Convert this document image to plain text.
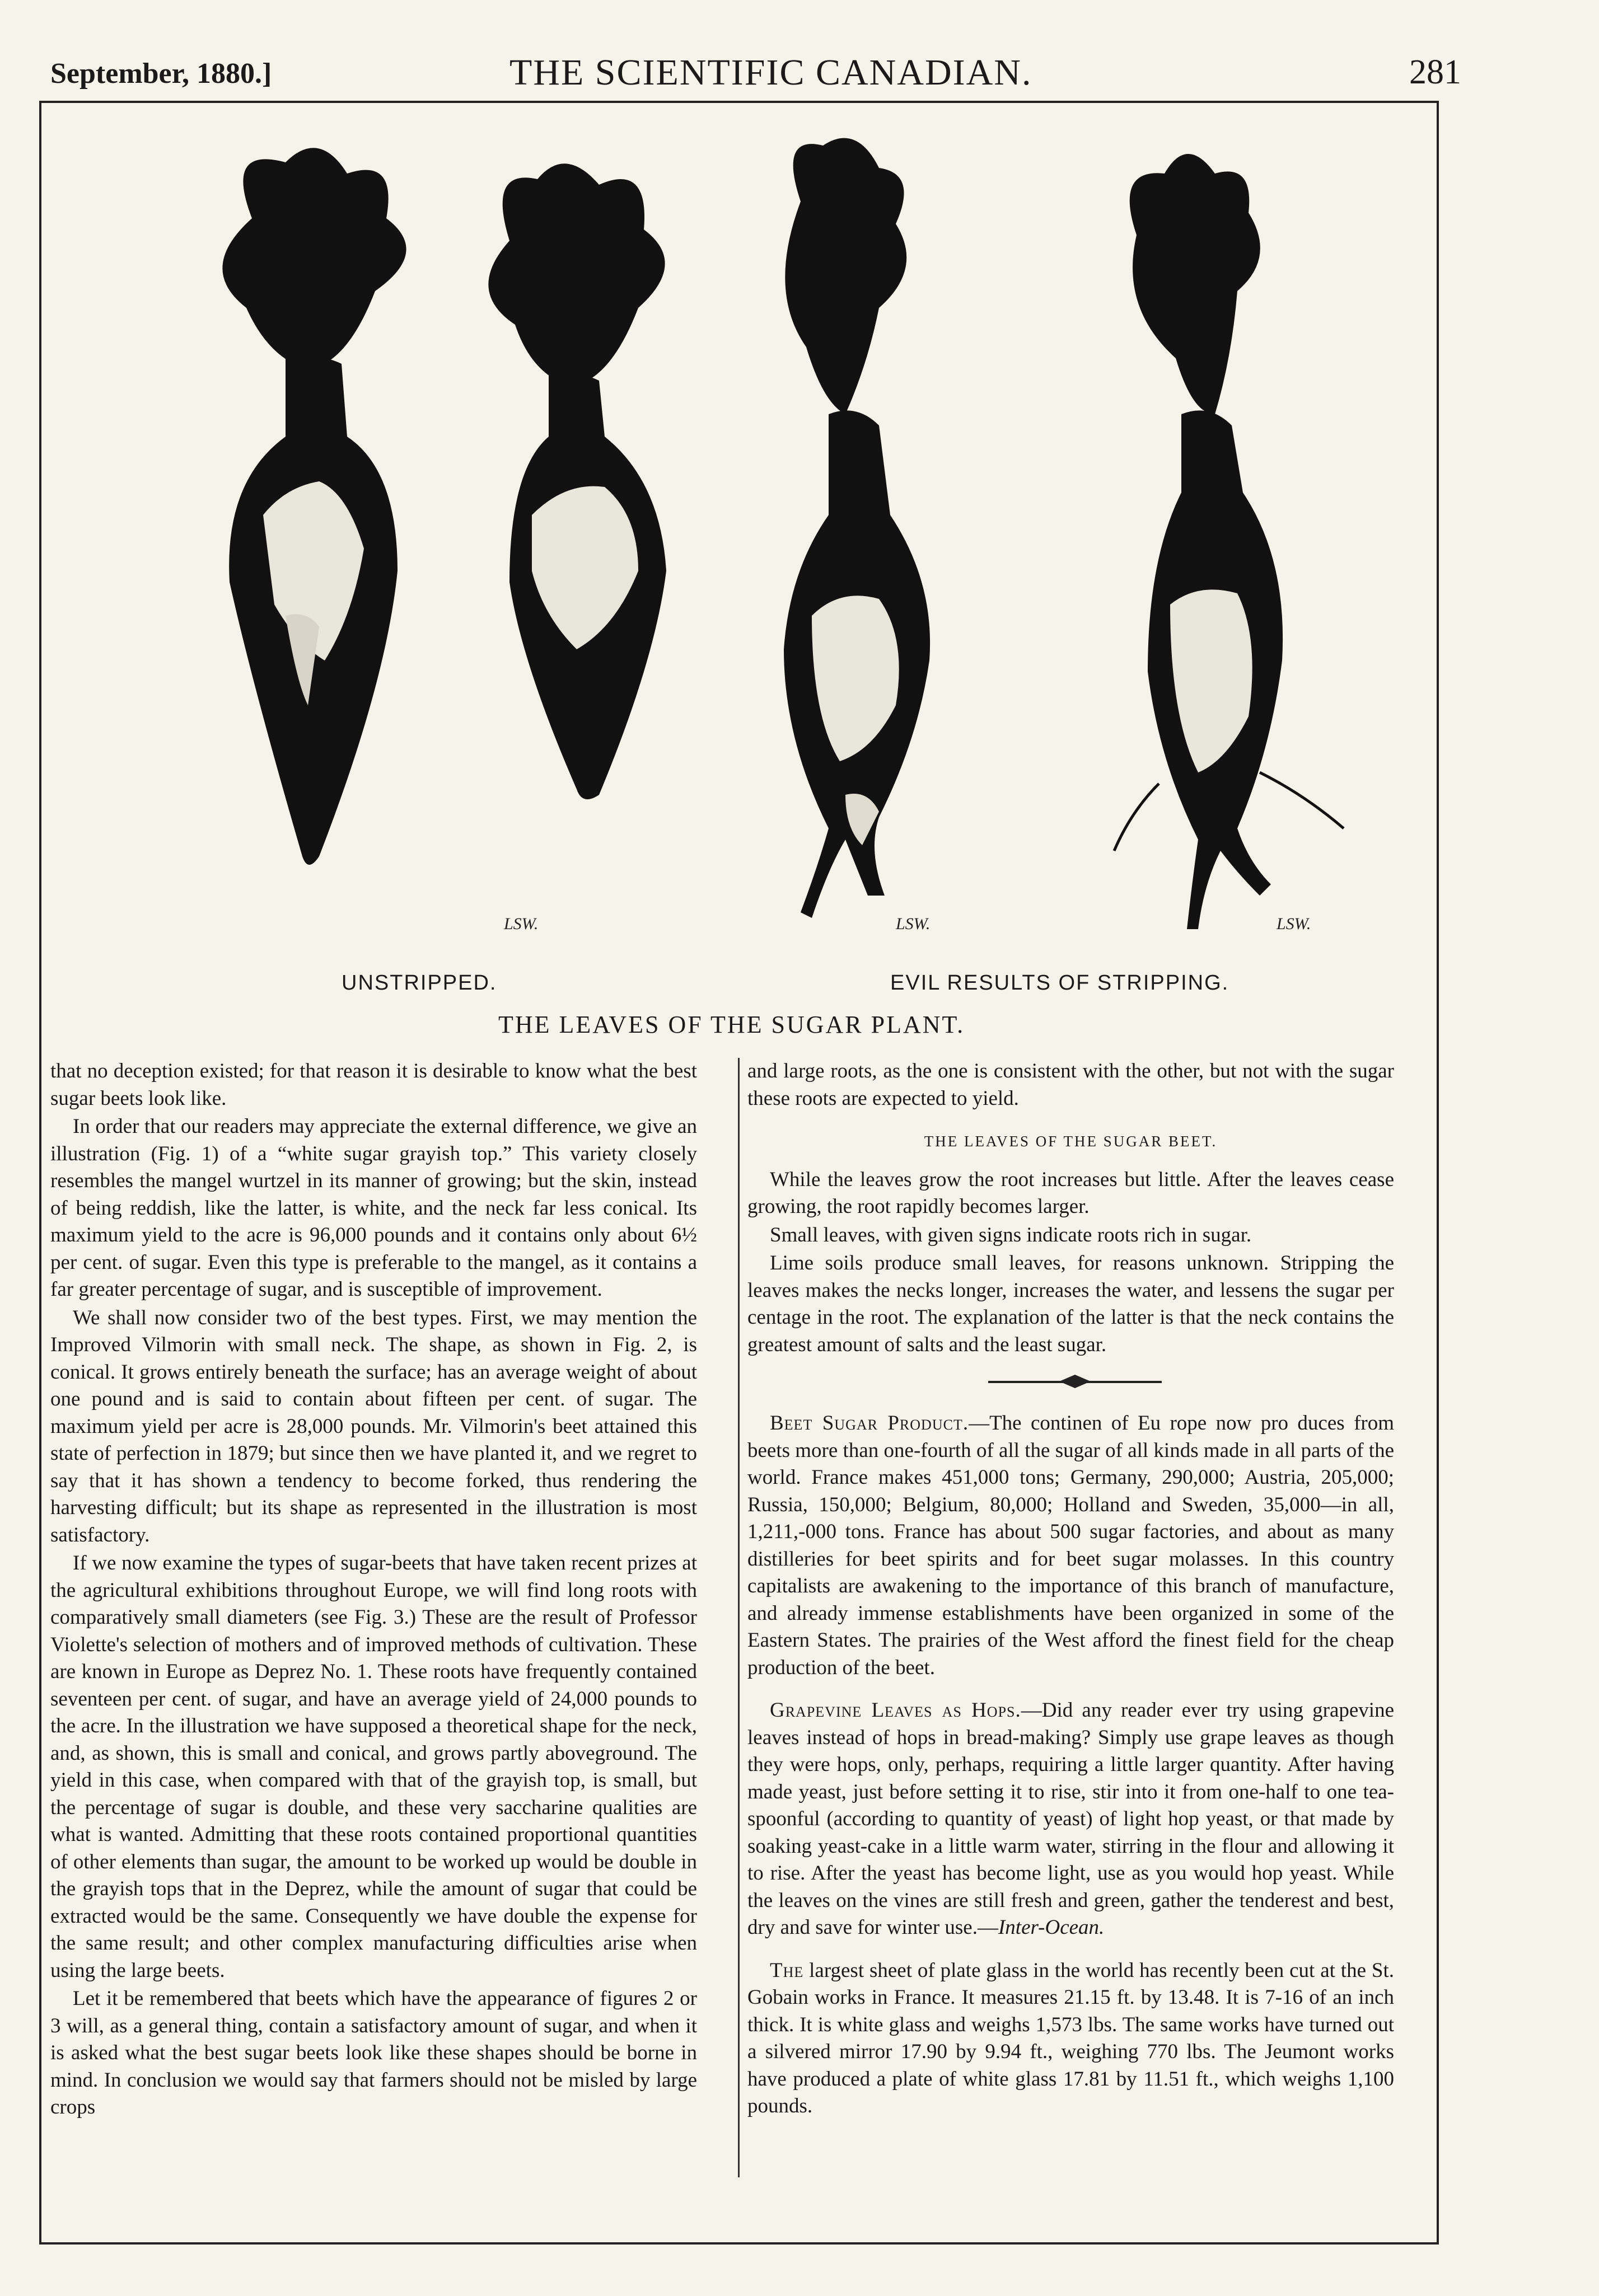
September, 1880.]	THE SCIENTIFIC CANADIAN.	281
LSW.	LSW.	LSW.
UNSTRIPPED.	EVIL RESULTS OF STRIPPING.
THE LEAVES OF THE SUGAR PLANT.

that no deception existed; for that reason it is desirable to know what the best sugar beets look like.

In order that our readers may appreciate the external difference, we give an illustration (Fig. 1) of a “white sugar grayish top.” This variety closely resembles the mangel wurtzel in its manner of growing; but the skin, instead of being reddish, like the latter, is white, and the neck far less conical. Its maximum yield to the acre is 96,000 pounds and it contains only about 6½ per cent. of sugar. Even this type is preferable to the mangel, as it contains a far greater percentage of sugar, and is susceptible of improvement.

We shall now consider two of the best types. First, we may mention the Improved Vilmorin with small neck. The shape, as shown in Fig. 2, is conical. It grows entirely beneath the surface; has an average weight of about one pound and is said to contain about fifteen per cent. of sugar. The maximum yield per acre is 28,000 pounds. Mr. Vilmorin's beet attained this state of perfection in 1879; but since then we have planted it, and we regret to say that it has shown a tendency to become forked, thus rendering the harvesting difficult; but its shape as represented in the illustration is most satisfactory.

If we now examine the types of sugar-beets that have taken recent prizes at the agricultural exhibitions throughout Europe, we will find long roots with comparatively small diameters (see Fig. 3.) These are the result of Professor Violette's selection of mothers and of improved methods of cultivation. These are known in Europe as Deprez No. 1. These roots have frequently contained seventeen per cent. of sugar, and have an average yield of 24,000 pounds to the acre. In the illustration we have supposed a theoretical shape for the neck, and, as shown, this is small and conical, and grows partly aboveground. The yield in this case, when compared with that of the grayish top, is small, but the percentage of sugar is double, and these very saccharine qualities are what is wanted. Admitting that these roots contained proportional quantities of other elements than sugar, the amount to be worked up would be double in the grayish tops that in the Deprez, while the amount of sugar that could be extracted would be the same. Consequently we have double the expense for the same result; and other complex manufacturing difficulties arise when using the large beets.

Let it be remembered that beets which have the appearance of figures 2 or 3 will, as a general thing, contain a satisfactory amount of sugar, and when it is asked what the best sugar beets look like these shapes should be borne in mind. In conclusion we would say that farmers should not be misled by large crops

and large roots, as the one is consistent with the other, but not with the sugar these roots are expected to yield.

THE LEAVES OF THE SUGAR BEET.

While the leaves grow the root increases but little. After the leaves cease growing, the root rapidly becomes larger.

Small leaves, with given signs indicate roots rich in sugar.

Lime soils produce small leaves, for reasons unknown. Stripping the leaves makes the necks longer, increases the water, and lessens the sugar per centage in the root. The explanation of the latter is that the neck contains the greatest amount of salts and the least sugar.

Beet Sugar Product.—The continen of Eu rope now pro duces from beets more than one-fourth of all the sugar of all kinds made in all parts of the world. France makes 451,000 tons; Germany, 290,000; Austria, 205,000; Russia, 150,000; Belgium, 80,000; Holland and Sweden, 35,000—in all, 1,211,-000 tons. France has about 500 sugar factories, and about as many distilleries for beet spirits and for beet sugar molasses. In this country capitalists are awakening to the importance of this branch of manufacture, and already immense establishments have been organized in some of the Eastern States. The prairies of the West afford the finest field for the cheap production of the beet.

Grapevine Leaves as Hops.—Did any reader ever try using grapevine leaves instead of hops in bread-making? Simply use grape leaves as though they were hops, only, perhaps, requiring a little larger quantity. After having made yeast, just before setting it to rise, stir into it from one-half to one tea-spoonful (according to quantity of yeast) of light hop yeast, or that made by soaking yeast-cake in a little warm water, stirring in the flour and allowing it to rise. After the yeast has become light, use as you would hop yeast. While the leaves on the vines are still fresh and green, gather the tenderest and best, dry and save for winter use.—Inter-Ocean.

The largest sheet of plate glass in the world has recently been cut at the St. Gobain works in France. It measures 21.15 ft. by 13.48. It is 7-16 of an inch thick. It is white glass and weighs 1,573 lbs. The same works have turned out a silvered mirror 17.90 by 9.94 ft., weighing 770 lbs. The Jeumont works have produced a plate of white glass 17.81 by 11.51 ft., which weighs 1,100 pounds.
